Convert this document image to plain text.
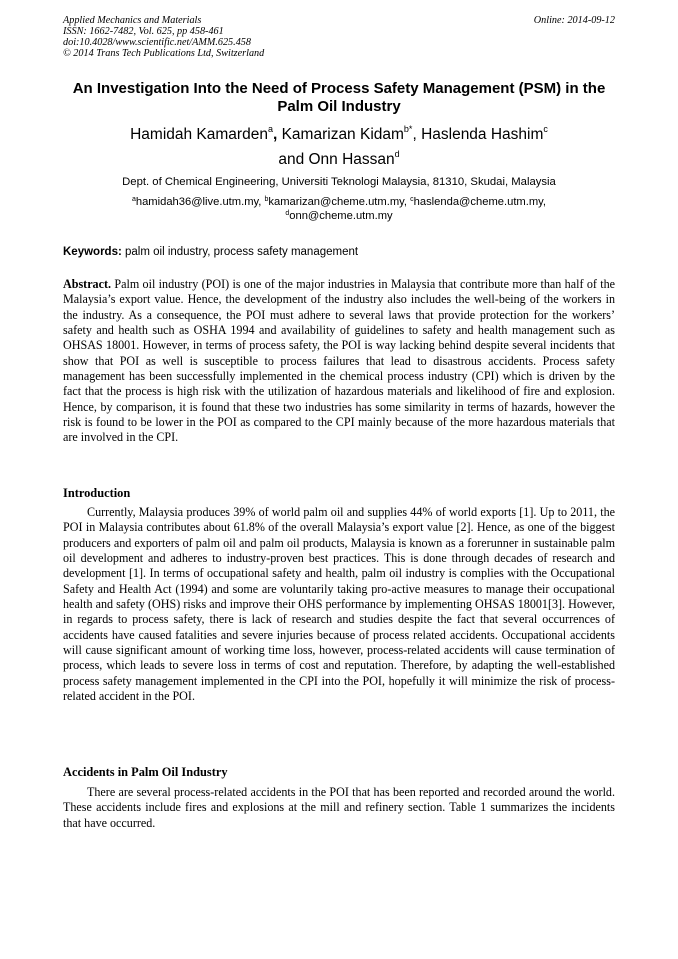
Applied Mechanics and Materials
ISSN: 1662-7482, Vol. 625, pp 458-461
doi:10.4028/www.scientific.net/AMM.625.458
© 2014 Trans Tech Publications Ltd, Switzerland
Online: 2014-09-12
An Investigation Into the Need of Process Safety Management (PSM) in the Palm Oil Industry
Hamidah Kamarden$^a$, Kamarizan Kidam$^{b*}$, Haslenda Hashim$^c$
and Onn Hassan$^d$
Dept. of Chemical Engineering, Universiti Teknologi Malaysia, 81310, Skudai, Malaysia
$^a$hamidah36@live.utm.my, $^b$kamarizan@cheme.utm.my, $^c$haslenda@cheme.utm.my,
$^d$onn@cheme.utm.my
Keywords: palm oil industry, process safety management
Abstract. Palm oil industry (POI) is one of the major industries in Malaysia that contribute more than half of the Malaysia’s export value. Hence, the development of the industry also includes the well-being of the workers in the industry. As a consequence, the POI must adhere to several laws that provide protection for the workers’ safety and health such as OSHA 1994 and availability of guidelines to safety and health management such as OHSAS 18001. However, in terms of process safety, the POI is way lacking behind despite several incidents that show that POI as well is susceptible to process failures that lead to disastrous accidents. Process safety management has been successfully implemented in the chemical process industry (CPI) which is driven by the fact that the process is high risk with the utilization of hazardous materials and likelihood of fire and explosion. Hence, by comparison, it is found that these two industries has some similarity in terms of hazards, however the risk is found to be lower in the POI as compared to the CPI mainly because of the more hazardous materials that are involved in the CPI.
Introduction
Currently, Malaysia produces 39% of world palm oil and supplies 44% of world exports [1]. Up to 2011, the POI in Malaysia contributes about 61.8% of the overall Malaysia’s export value [2]. Hence, as one of the biggest producers and exporters of palm oil and palm oil products, Malaysia is known as a forerunner in sustainable palm oil development and adheres to industry-proven best practices. This is done through decades of research and development [1]. In terms of occupational safety and health, palm oil industry is complies with the Occupational Safety and Health Act (1994) and some are voluntarily taking pro-active measures to manage their occupational health and safety (OHS) risks and improve their OHS performance by implementing OHSAS 18001[3]. However, in regards to process safety, there is lack of research and studies despite the fact that several occurrences of accidents have caused fatalities and severe injuries because of process related accidents. Occupational accidents will cause significant amount of working time loss, however, process-related accidents will cause termination of process, which leads to severe loss in terms of cost and reputation. Therefore, by adapting the well-established process safety management implemented in the CPI into the POI, hopefully it will minimize the risk of process-related accident in the POI.
Accidents in Palm Oil Industry
There are several process-related accidents in the POI that has been reported and recorded around the world. These accidents include fires and explosions at the mill and refinery section. Table 1 summarizes the incidents that have occurred.
